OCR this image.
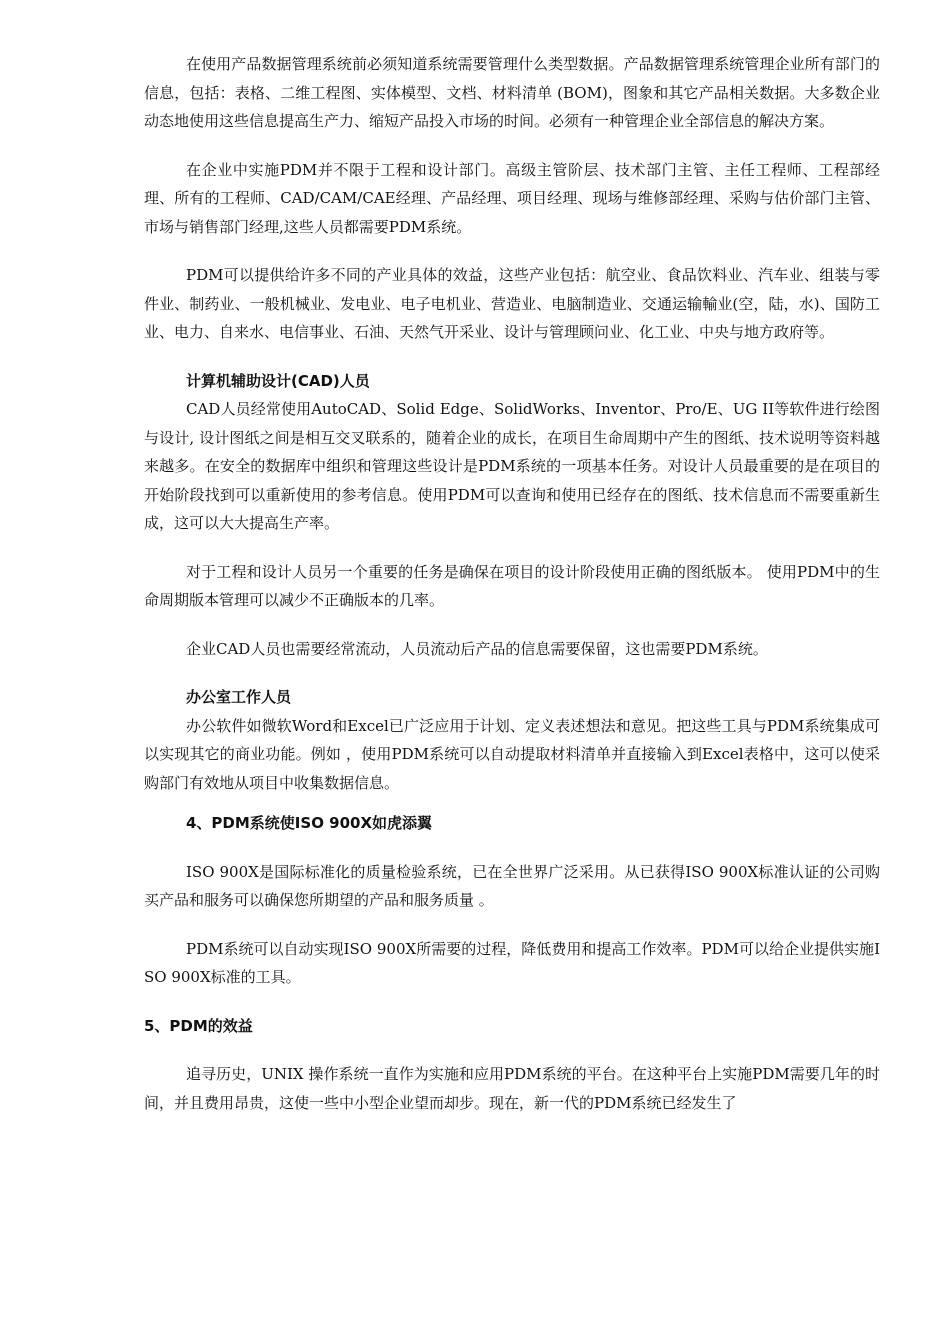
在使用产品数据管理系统前必须知道系统需要管理什么类型数据。产品数据管理系统管理企业所有部门的信息，包括：表格、二维工程图、实体模型、文档、材料清单 (BOM)，图象和其它产品相关数据。大多数企业动态地使用这些信息提高生产力、缩短产品投入市场的时间。必须有一种管理企业全部信息的解决方案。

在企业中实施PDM并不限于工程和设计部门。高级主管阶层、技术部门主管、主任工程师、工程部经理、所有的工程师、CAD/CAM/CAE经理、产品经理、项目经理、现场与维修部经理、采购与估价部门主管、市场与销售部门经理,这些人员都需要PDM系统。

PDM可以提供给许多不同的产业具体的效益，这些产业包括：航空业、食品饮料业、汽车业、组装与零件业、制药业、一般机械业、发电业、电子电机业、营造业、电脑制造业、交通运输輸业(空，陆，水)、国防工业、电力、自来水、电信事业、石油、天然气开采业、设计与管理顾问业、化工业、中央与地方政府等。

计算机辅助设计(CAD)人员

CAD人员经常使用AutoCAD、Solid Edge、SolidWorks、Inventor、Pro/E、UG II等软件进行绘图与设计, 设计图纸之间是相互交叉联系的，随着企业的成长，在项目生命周期中产生的图纸、技术说明等资料越来越多。在安全的数据库中组织和管理这些设计是PDM系统的一项基本任务。对设计人员最重要的是在项目的开始阶段找到可以重新使用的参考信息。使用PDM可以查询和使用已经存在的图纸、技术信息而不需要重新生成，这可以大大提高生产率。

对于工程和设计人员另一个重要的任务是确保在项目的设计阶段使用正确的图纸版本。 使用PDM中的生命周期版本管理可以减少不正确版本的几率。

企业CAD人员也需要经常流动，人员流动后产品的信息需要保留，这也需要PDM系统。

办公室工作人员

办公软件如微软Word和Excel已广泛应用于计划、定义表述想法和意见。把这些工具与PDM系统集成可以实现其它的商业功能。例如 ，使用PDM系统可以自动提取材料清单并直接输入到Excel表格中，这可以使采购部门有效地从项目中收集数据信息。

4、PDM系统使ISO 900X如虎添翼

ISO 900X是国际标准化的质量检验系统，已在全世界广泛采用。从已获得ISO 900X标准认证的公司购买产品和服务可以确保您所期望的产品和服务质量 。

PDM系统可以自动实现ISO 900X所需要的过程，降低费用和提高工作效率。PDM可以给企业提供实施ISO 900X标准的工具。

5、PDM的效益

追寻历史，UNIX 操作系统一直作为实施和应用PDM系统的平台。在这种平台上实施PDM需要几年的时间，并且费用昂贵，这使一些中小型企业望而却步。现在，新一代的PDM系统已经发生了
